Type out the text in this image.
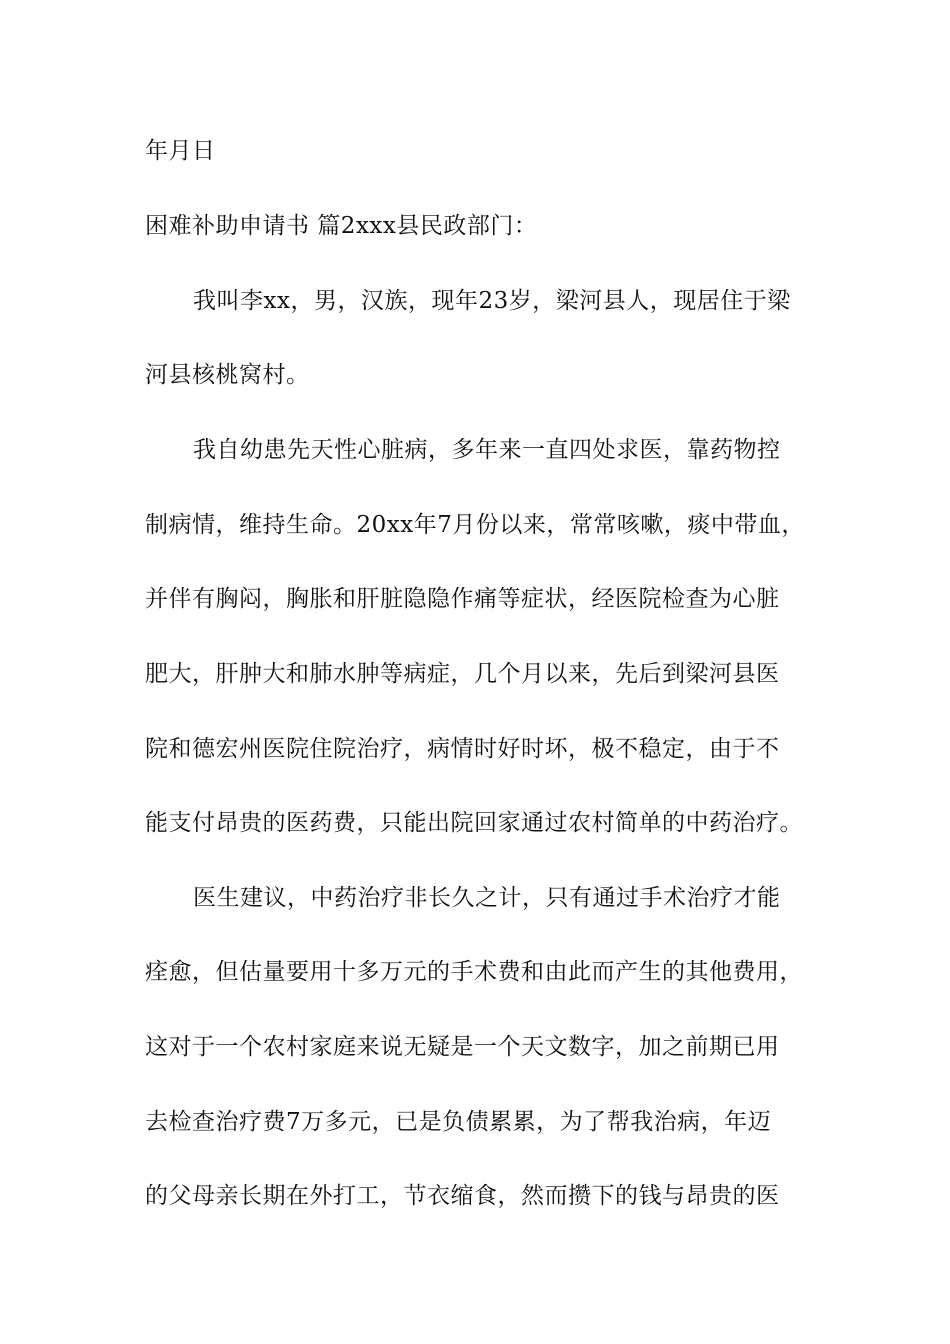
年月日
困难补助申请书 篇2xxx县民政部门：
我叫李xx，男，汉族，现年23岁，梁河县人，现居住于梁
河县核桃窝村。
我自幼患先天性心脏病，多年来一直四处求医，靠药物控
制病情，维持生命。20xx年7月份以来，常常咳嗽，痰中带血，
并伴有胸闷，胸胀和肝脏隐隐作痛等症状，经医院检查为心脏
肥大，肝肿大和肺水肿等病症，几个月以来，先后到梁河县医
院和德宏州医院住院治疗，病情时好时坏，极不稳定，由于不
能支付昂贵的医药费，只能出院回家通过农村简单的中药治疗。
医生建议，中药治疗非长久之计，只有通过手术治疗才能
痊愈，但估量要用十多万元的手术费和由此而产生的其他费用，
这对于一个农村家庭来说无疑是一个天文数字，加之前期已用
去检查治疗费7万多元，已是负债累累，为了帮我治病，年迈
的父母亲长期在外打工，节衣缩食，然而攒下的钱与昂贵的医
